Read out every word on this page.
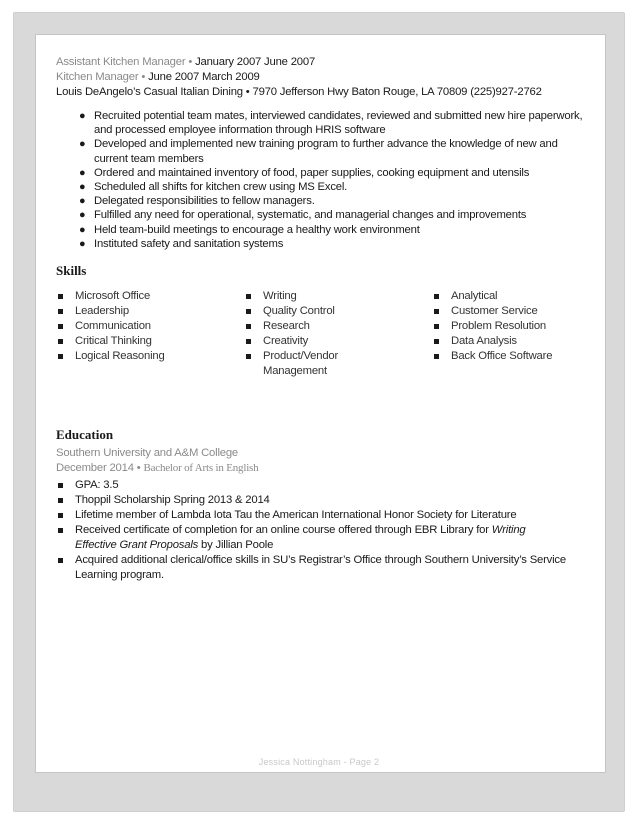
Assistant Kitchen Manager • January 2007 June 2007
Kitchen Manager • June 2007 March 2009
Louis DeAngelo’s Casual Italian Dining • 7970 Jefferson Hwy Baton Rouge, LA 70809 (225)927-2762
● Recruited potential team mates, interviewed candidates, reviewed and submitted new hire paperwork, and processed employee information through HRIS software
● Developed and implemented new training program to further advance the knowledge of new and current team members
● Ordered and maintained inventory of food, paper supplies, cooking equipment and utensils
● Scheduled all shifts for kitchen crew using MS Excel.
● Delegated responsibilities to fellow managers.
● Fulfilled any need for operational, systematic, and managerial changes and improvements
● Held team-build meetings to encourage a healthy work environment
● Instituted safety and sanitation systems
Skills
Microsoft Office
Leadership
Communication
Critical Thinking
Logical Reasoning
Writing
Quality Control
Research
Creativity
Product/Vendor Management
Analytical
Customer Service
Problem Resolution
Data Analysis
Back Office Software
Education
Southern University and A&M College
December 2014 • Bachelor of Arts in English
GPA: 3.5
Thoppil Scholarship Spring 2013 & 2014
Lifetime member of Lambda Iota Tau the American International Honor Society for Literature
Received certificate of completion for an online course offered through EBR Library for Writing
Effective Grant Proposals by Jillian Poole
Acquired additional clerical/office skills in SU’s Registrar’s Office through Southern University’s Service Learning program.
Jessica Nottingham - Page 2
